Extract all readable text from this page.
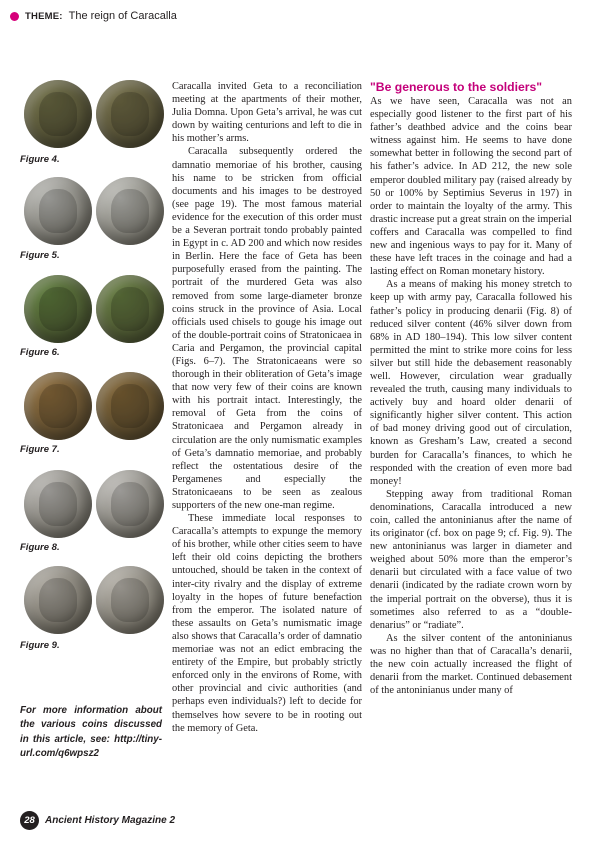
THEME: The reign of Caracalla
Figure 4.
Figure 5.
Figure 6.
Figure 7.
Figure 8.
Figure 9.
For more information about the various coins discussed in this article, see: http://tiny-url.com/q6wpsz2

Caracalla invited Geta to a reconciliation meeting at the apartments of their mother, Julia Domna. Upon Geta’s arrival, he was cut down by waiting centurions and left to die in his mother’s arms.

Caracalla subsequently ordered the damnatio memoriae of his brother, causing his name to be stricken from official documents and his images to be destroyed (see page 19). The most famous material evidence for the execution of this order must be a Severan portrait tondo probably painted in Egypt in c. AD 200 and which now resides in Berlin. Here the face of Geta has been purposefully erased from the painting. The portrait of the murdered Geta was also removed from some large-diameter bronze coins struck in the province of Asia. Local officials used chisels to gouge his image out of the double-portrait coins of Stratonicaea in Caria and Pergamon, the provincial capital (Figs. 6–7). The Stratonicaeans were so thorough in their obliteration of Geta’s image that now very few of their coins are known with his portrait intact. Interestingly, the removal of Geta from the coins of Stratonicaea and Pergamon already in circulation are the only numismatic examples of Geta’s damnatio memoriae, and probably reflect the ostentatious desire of the Pergamenes and especially the Stratonicaeans to be seen as zealous supporters of the new one-man regime.

These immediate local responses to Caracalla’s attempts to expunge the memory of his brother, while other cities seem to have left their old coins depicting the brothers untouched, should be taken in the context of inter-city rivalry and the display of extreme loyalty in the hopes of future benefaction from the emperor. The isolated nature of these assaults on Geta’s numismatic image also shows that Caracalla’s order of damnatio memoriae was not an edict embracing the entirety of the Empire, but probably strictly enforced only in the environs of Rome, with other provincial and civic authorities (and perhaps even individuals?) left to decide for themselves how severe to be in rooting out the memory of Geta.

"Be generous to the soldiers"

As we have seen, Caracalla was not an especially good listener to the first part of his father’s deathbed advice and the coins bear witness against him. He seems to have done somewhat better in following the second part of his father’s advice. In AD 212, the new sole emperor doubled military pay (raised already by 50 or 100% by Septimius Severus in 197) in order to maintain the loyalty of the army. This drastic increase put a great strain on the imperial coffers and Caracalla was compelled to find new and ingenious ways to pay for it. Many of these have left traces in the coinage and had a lasting effect on Roman monetary history.

As a means of making his money stretch to keep up with army pay, Caracalla followed his father’s policy in producing denarii (Fig. 8) of reduced silver content (46% silver down from 68% in AD 180–194). This low silver content permitted the mint to strike more coins for less silver but still hide the debasement reasonably well. However, circulation wear gradually revealed the truth, causing many individuals to actively buy and hoard older denarii of significantly higher silver content. This action of bad money driving good out of circulation, known as Gresham’s Law, created a second burden for Caracalla’s finances, to which he responded with the creation of even more bad money!

Stepping away from traditional Roman denominations, Caracalla introduced a new coin, called the antoninianus after the name of its originator (cf. box on page 9; cf. Fig. 9). The new antoninianus was larger in diameter and weighed about 50% more than the emperor’s denarii but circulated with a face value of two denarii (indicated by the radiate crown worn by the imperial portrait on the obverse), thus it is sometimes also referred to as a “double-denarius” or “radiate”.

As the silver content of the antoninianus was no higher than that of Caracalla’s denarii, the new coin actually increased the flight of denarii from the market. Continued debasement of the antoninianus under many of

28	Ancient History Magazine 2
